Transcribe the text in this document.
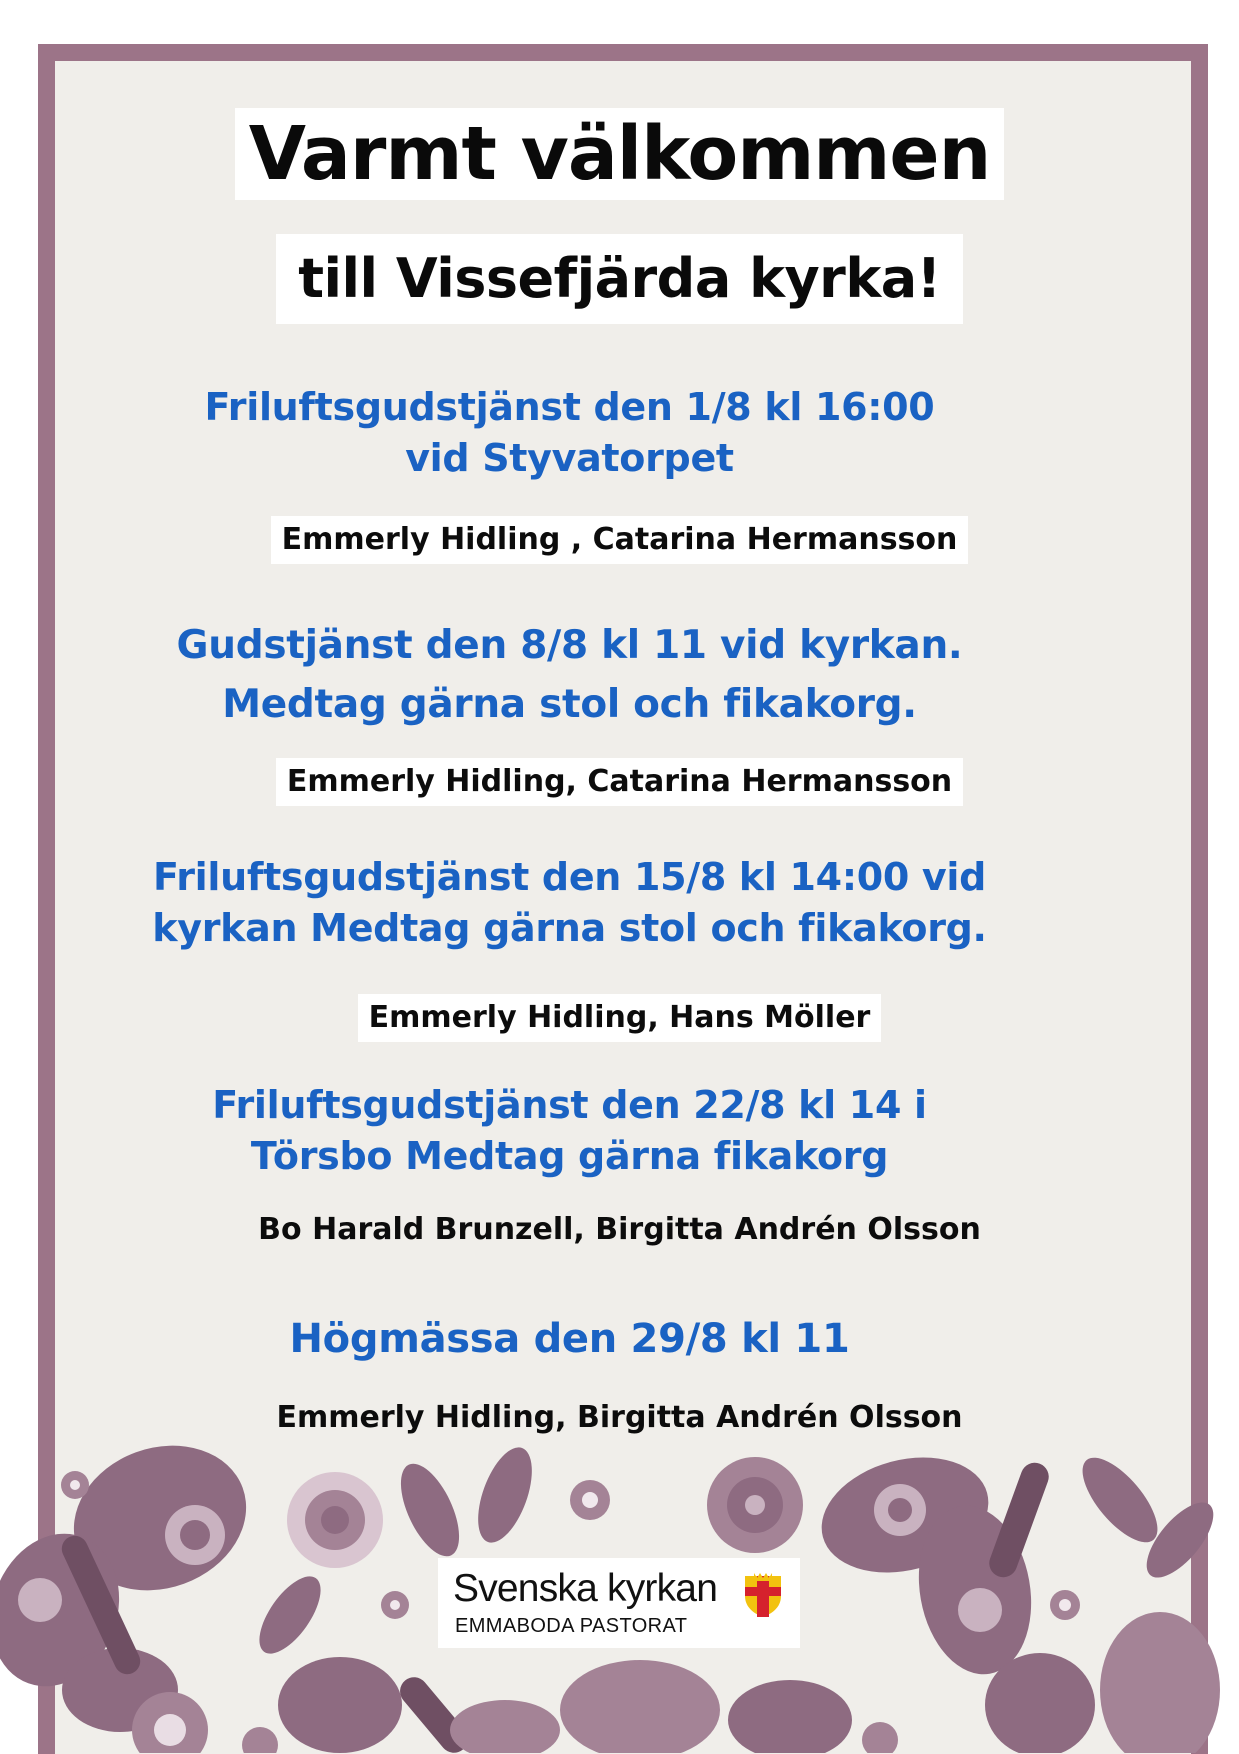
Varmt välkommen
till Vissefjärda kyrka!
Friluftsgudstjänst den 1/8 kl 16:00 vid Styvatorpet
Emmerly Hidling , Catarina Hermansson
Gudstjänst den 8/8 kl 11 vid kyrkan. Medtag gärna stol och fikakorg.
Emmerly Hidling, Catarina Hermansson
Friluftsgudstjänst den 15/8 kl 14:00 vid kyrkan Medtag gärna stol och fikakorg.
Emmerly Hidling, Hans Möller
Friluftsgudstjänst den 22/8 kl 14 i Törsbo Medtag gärna fikakorg
Bo Harald Brunzell, Birgitta Andrén Olsson
Högmässa den 29/8 kl 11
Emmerly Hidling, Birgitta Andrén Olsson
Svenska kyrkan
EMMABODA PASTORAT
